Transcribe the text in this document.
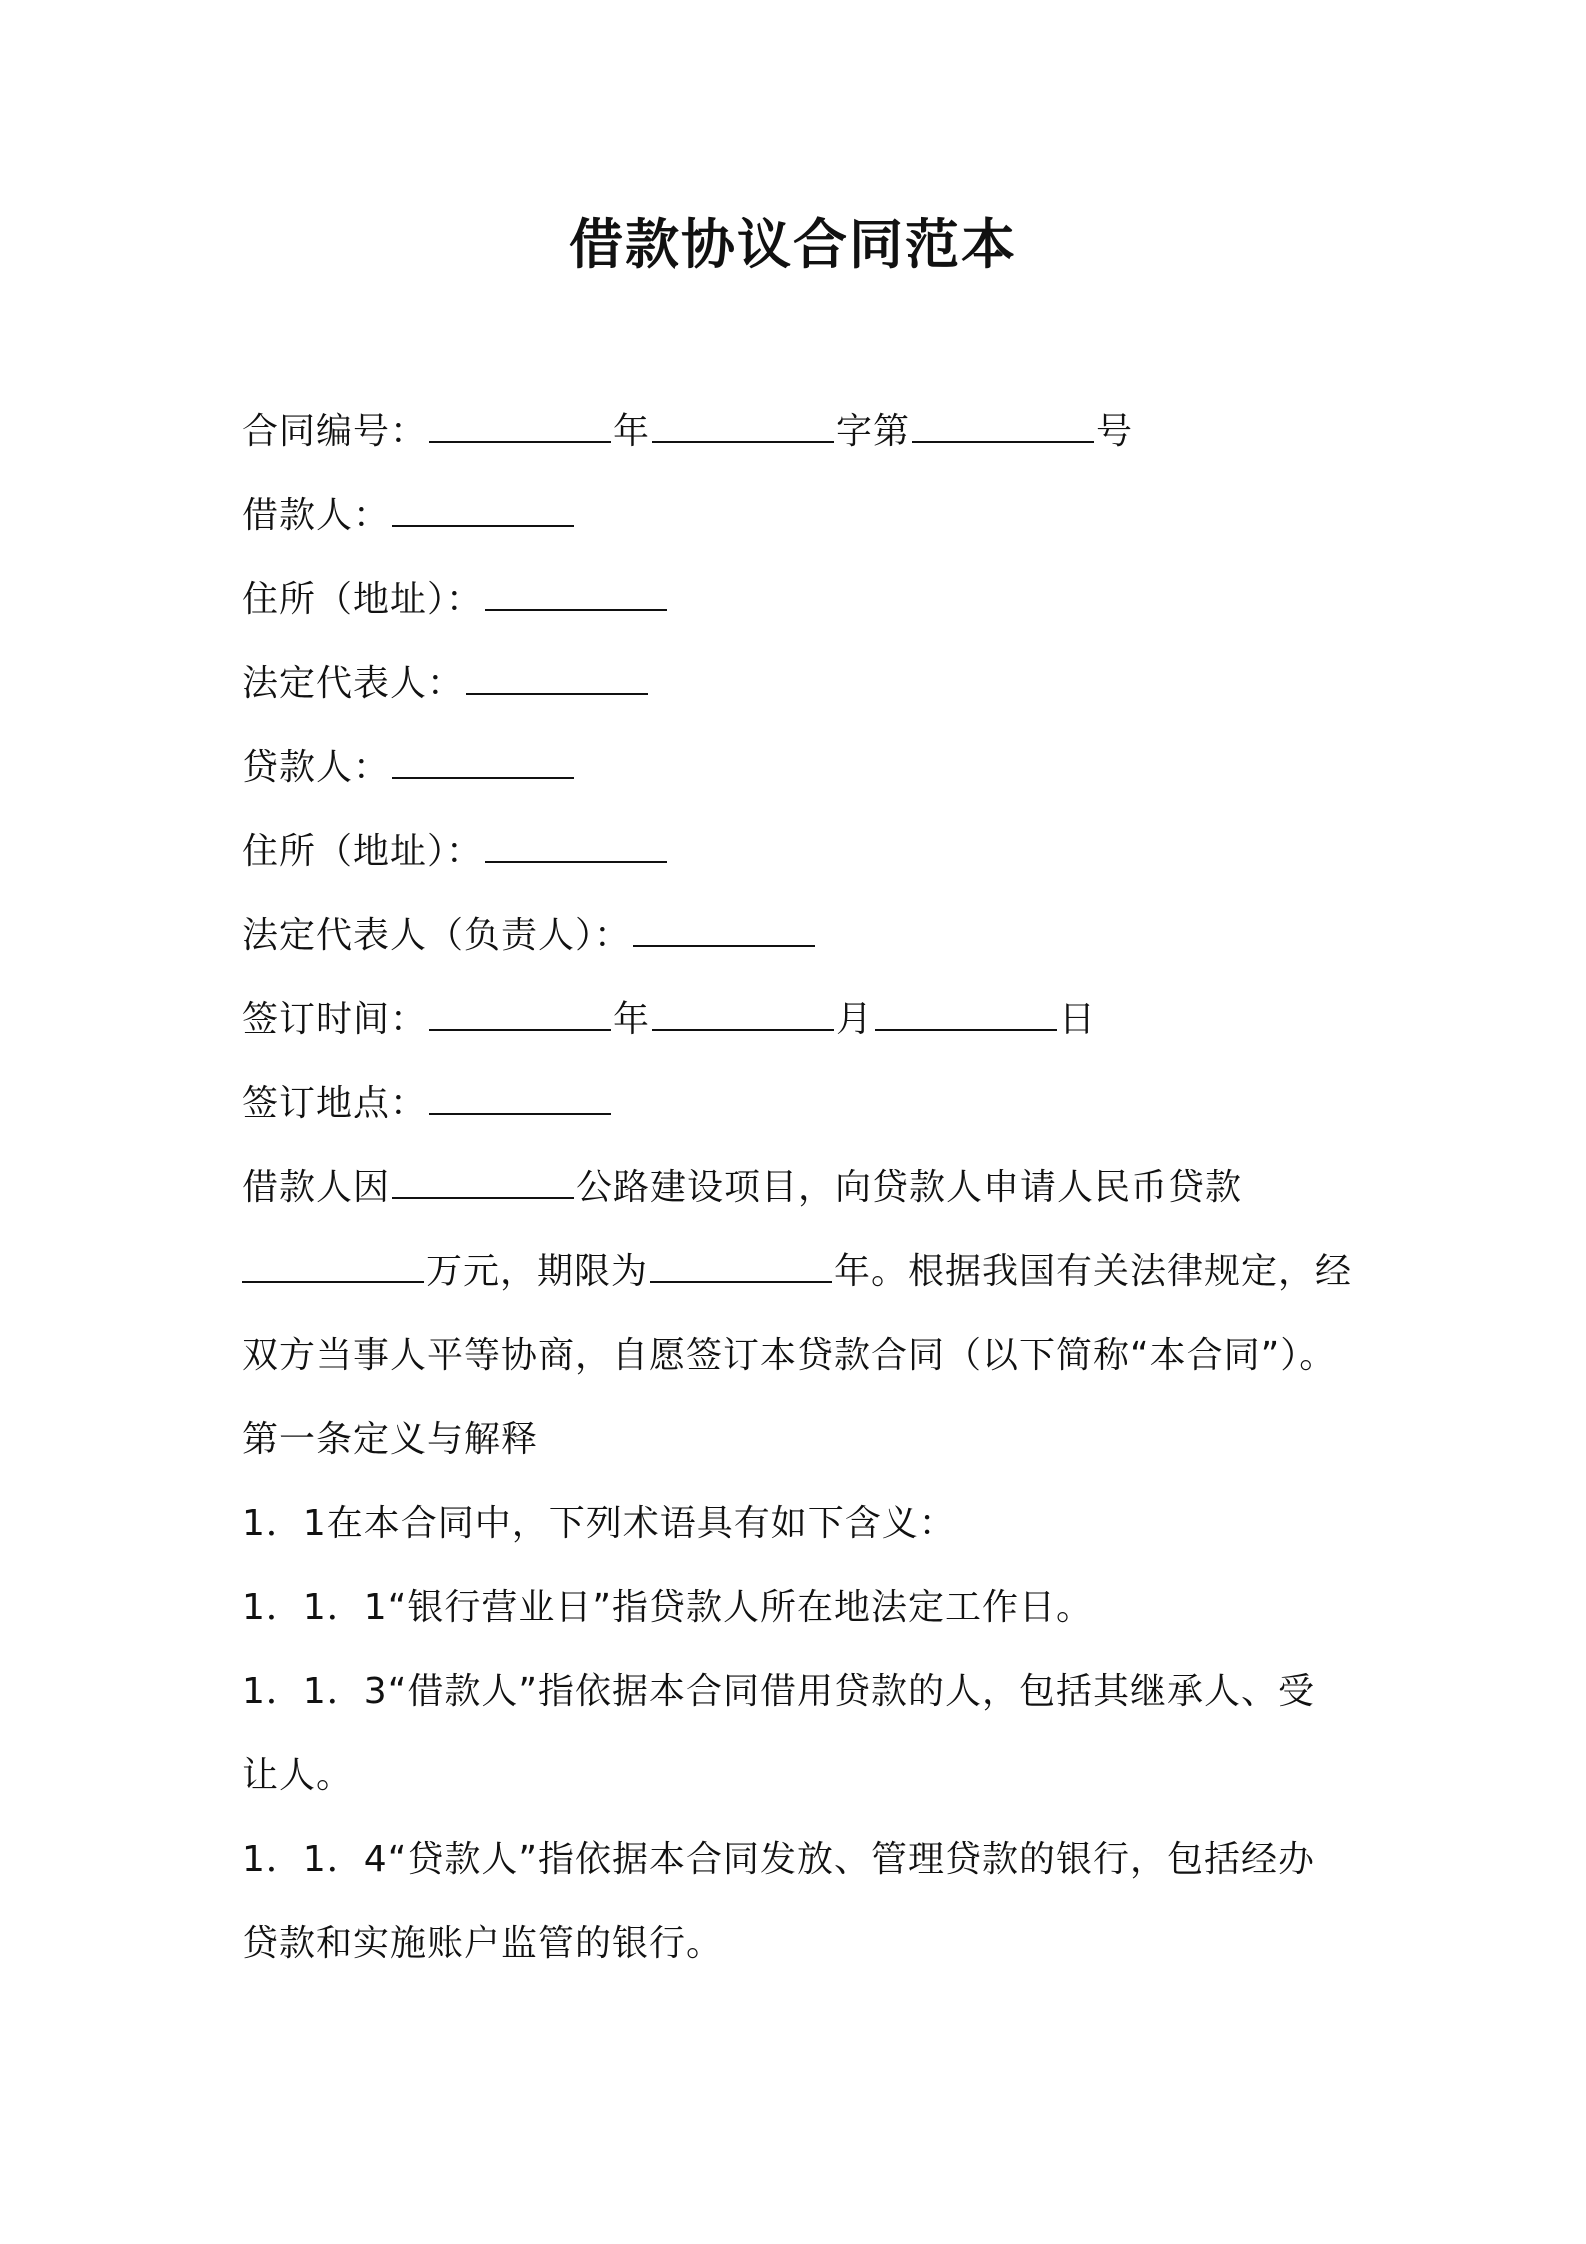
借款协议合同范本
合同编号：	年	字第	号
借款人：
住所（地址）：
法定代表人：
贷款人：
住所（地址）：
法定代表人（负责人）：
签订时间：	年	月	日
签订地点：
借款人因	公路建设项目，向贷款人申请人民币贷款
万元，期限为	年。根据我国有关法律规定，经
双方当事人平等协商，自愿签订本贷款合同（以下简称“本合同”）。
第一条定义与解释
1．1在本合同中，下列术语具有如下含义：
1．1．1“银行营业日”指贷款人所在地法定工作日。
1．1．3“借款人”指依据本合同借用贷款的人，包括其继承人、受
让人。
1．1．4“贷款人”指依据本合同发放、管理贷款的银行，包括经办
贷款和实施账户监管的银行。
